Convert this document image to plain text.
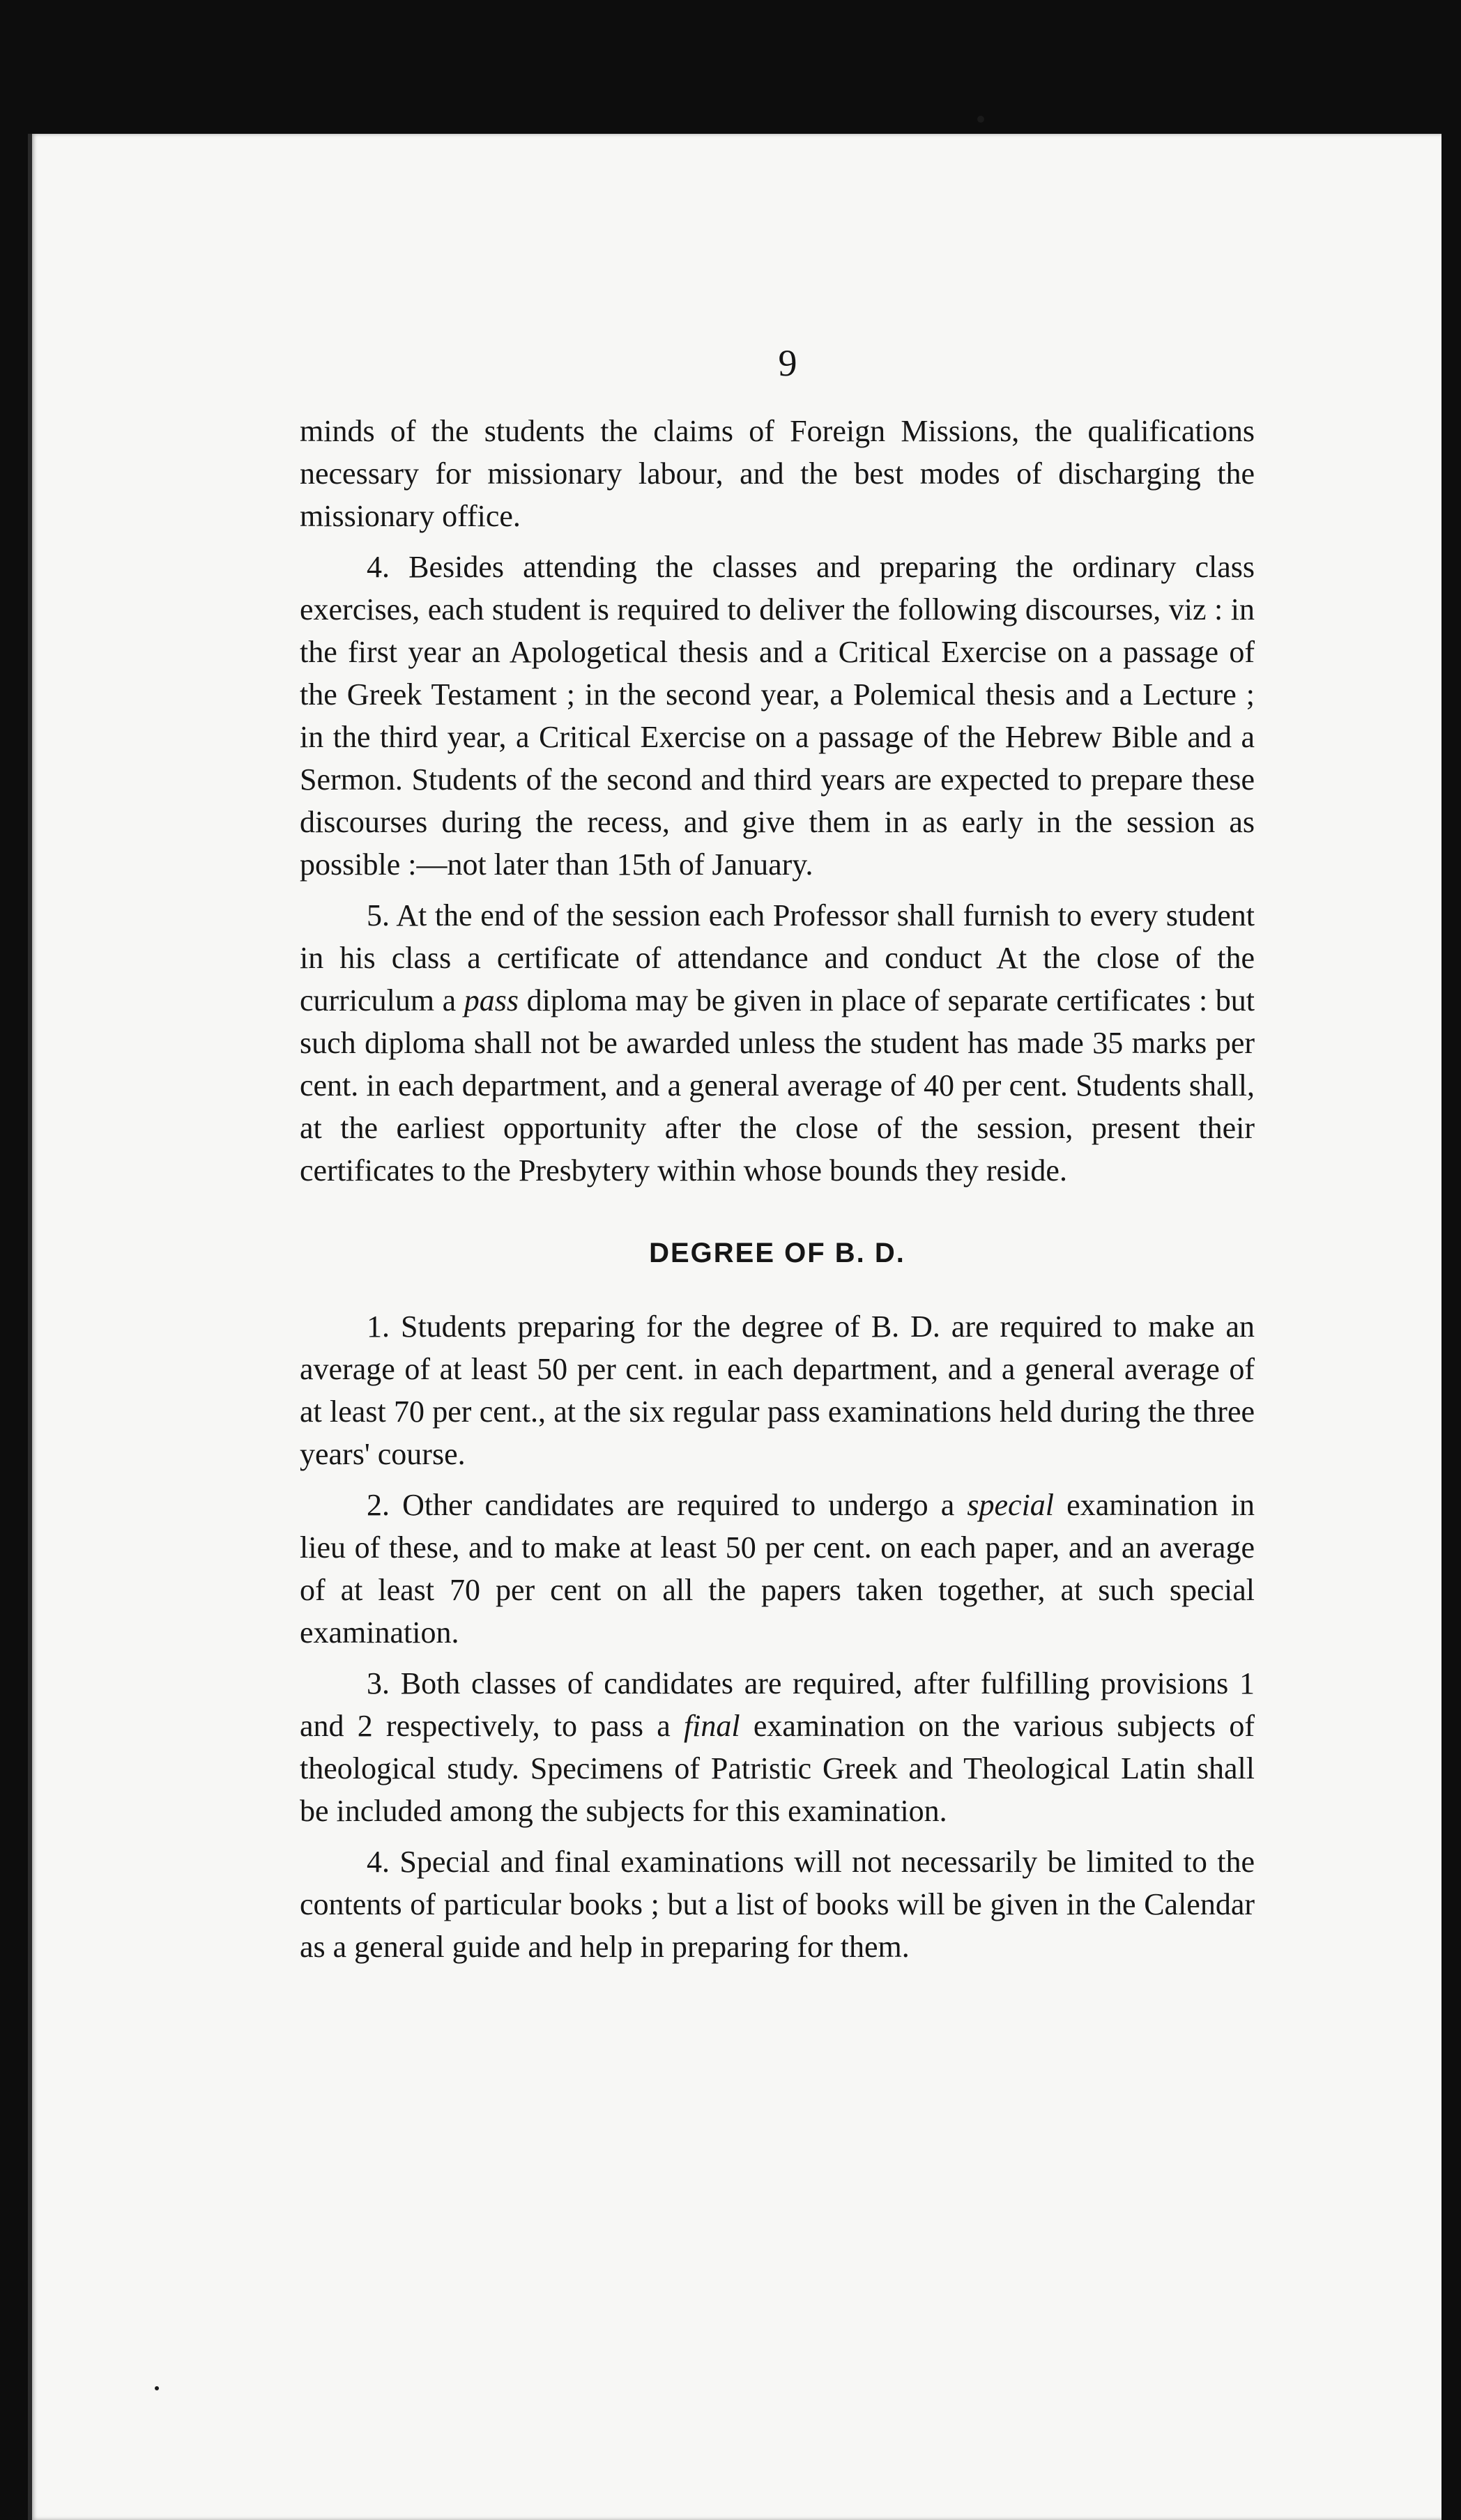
9

minds of the students the claims of Foreign Missions, the qualifications necessary for missionary labour, and the best modes of discharging the missionary office.

4. Besides attending the classes and preparing the ordinary class exercises, each student is required to deliver the following discourses, viz : in the first year an Apologetical thesis and a Critical Exercise on a passage of the Greek Testament ; in the second year, a Polemical thesis and a Lecture ; in the third year, a Critical Exercise on a passage of the Hebrew Bible and a Sermon. Students of the second and third years are expected to prepare these discourses during the recess, and give them in as early in the session as possible :—not later than 15th of January.

5. At the end of the session each Professor shall furnish to every student in his class a certificate of attendance and conduct At the close of the curriculum a pass diploma may be given in place of separate certificates : but such diploma shall not be awarded unless the student has made 35 marks per cent. in each department, and a general average of 40 per cent. Students shall, at the earliest opportunity after the close of the session, present their certificates to the Presbytery within whose bounds they reside.

DEGREE OF B. D.

1. Students preparing for the degree of B. D. are required to make an average of at least 50 per cent. in each department, and a general average of at least 70 per cent., at the six regular pass examinations held during the three years' course.

2. Other candidates are required to undergo a special examination in lieu of these, and to make at least 50 per cent. on each paper, and an average of at least 70 per cent on all the papers taken together, at such special examination.

3. Both classes of candidates are required, after fulfilling provisions 1 and 2 respectively, to pass a final examination on the various subjects of theological study. Specimens of Patristic Greek and Theological Latin shall be included among the subjects for this examination.

4. Special and final examinations will not necessarily be limited to the contents of particular books ; but a list of books will be given in the Calendar as a general guide and help in preparing for them.
